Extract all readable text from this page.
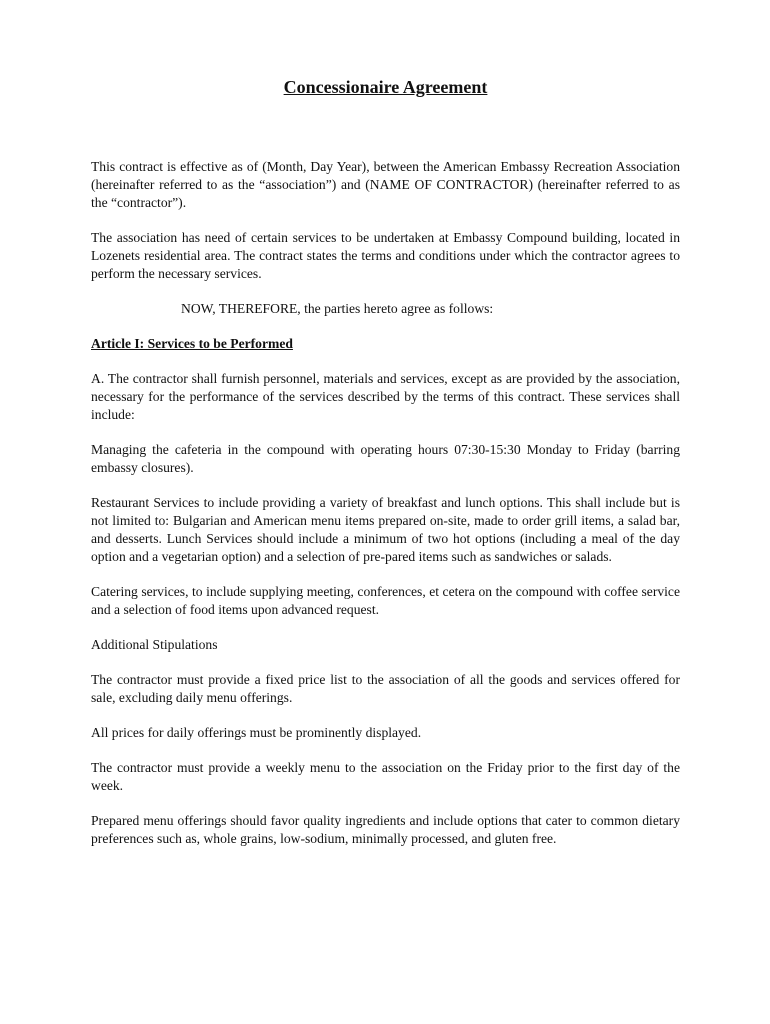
Concessionaire Agreement

This contract is effective as of (Month, Day Year), between the American Embassy Recreation Association (hereinafter referred to as the “association”) and (NAME OF CONTRACTOR) (hereinafter referred to as the “contractor”).

The association has need of certain services to be undertaken at Embassy Compound building, located in Lozenets residential area. The contract states the terms and conditions under which the contractor agrees to perform the necessary services.

NOW, THEREFORE, the parties hereto agree as follows:

Article I: Services to be Performed

A. The contractor shall furnish personnel, materials and services, except as are provided by the association, necessary for the performance of the services described by the terms of this contract. These services shall include:

Managing the cafeteria in the compound with operating hours 07:30-15:30 Monday to Friday (barring embassy closures).

Restaurant Services to include providing a variety of breakfast and lunch options. This shall include but is not limited to: Bulgarian and American menu items prepared on-site, made to order grill items, a salad bar, and desserts. Lunch Services should include a minimum of two hot options (including a meal of the day option and a vegetarian option) and a selection of pre-pared items such as sandwiches or salads.

Catering services, to include supplying meeting, conferences, et cetera on the compound with coffee service and a selection of food items upon advanced request.

Additional Stipulations

The contractor must provide a fixed price list to the association of all the goods and services offered for sale, excluding daily menu offerings.

All prices for daily offerings must be prominently displayed.

The contractor must provide a weekly menu to the association on the Friday prior to the first day of the week.

Prepared menu offerings should favor quality ingredients and include options that cater to common dietary preferences such as, whole grains, low-sodium, minimally processed, and gluten free.
